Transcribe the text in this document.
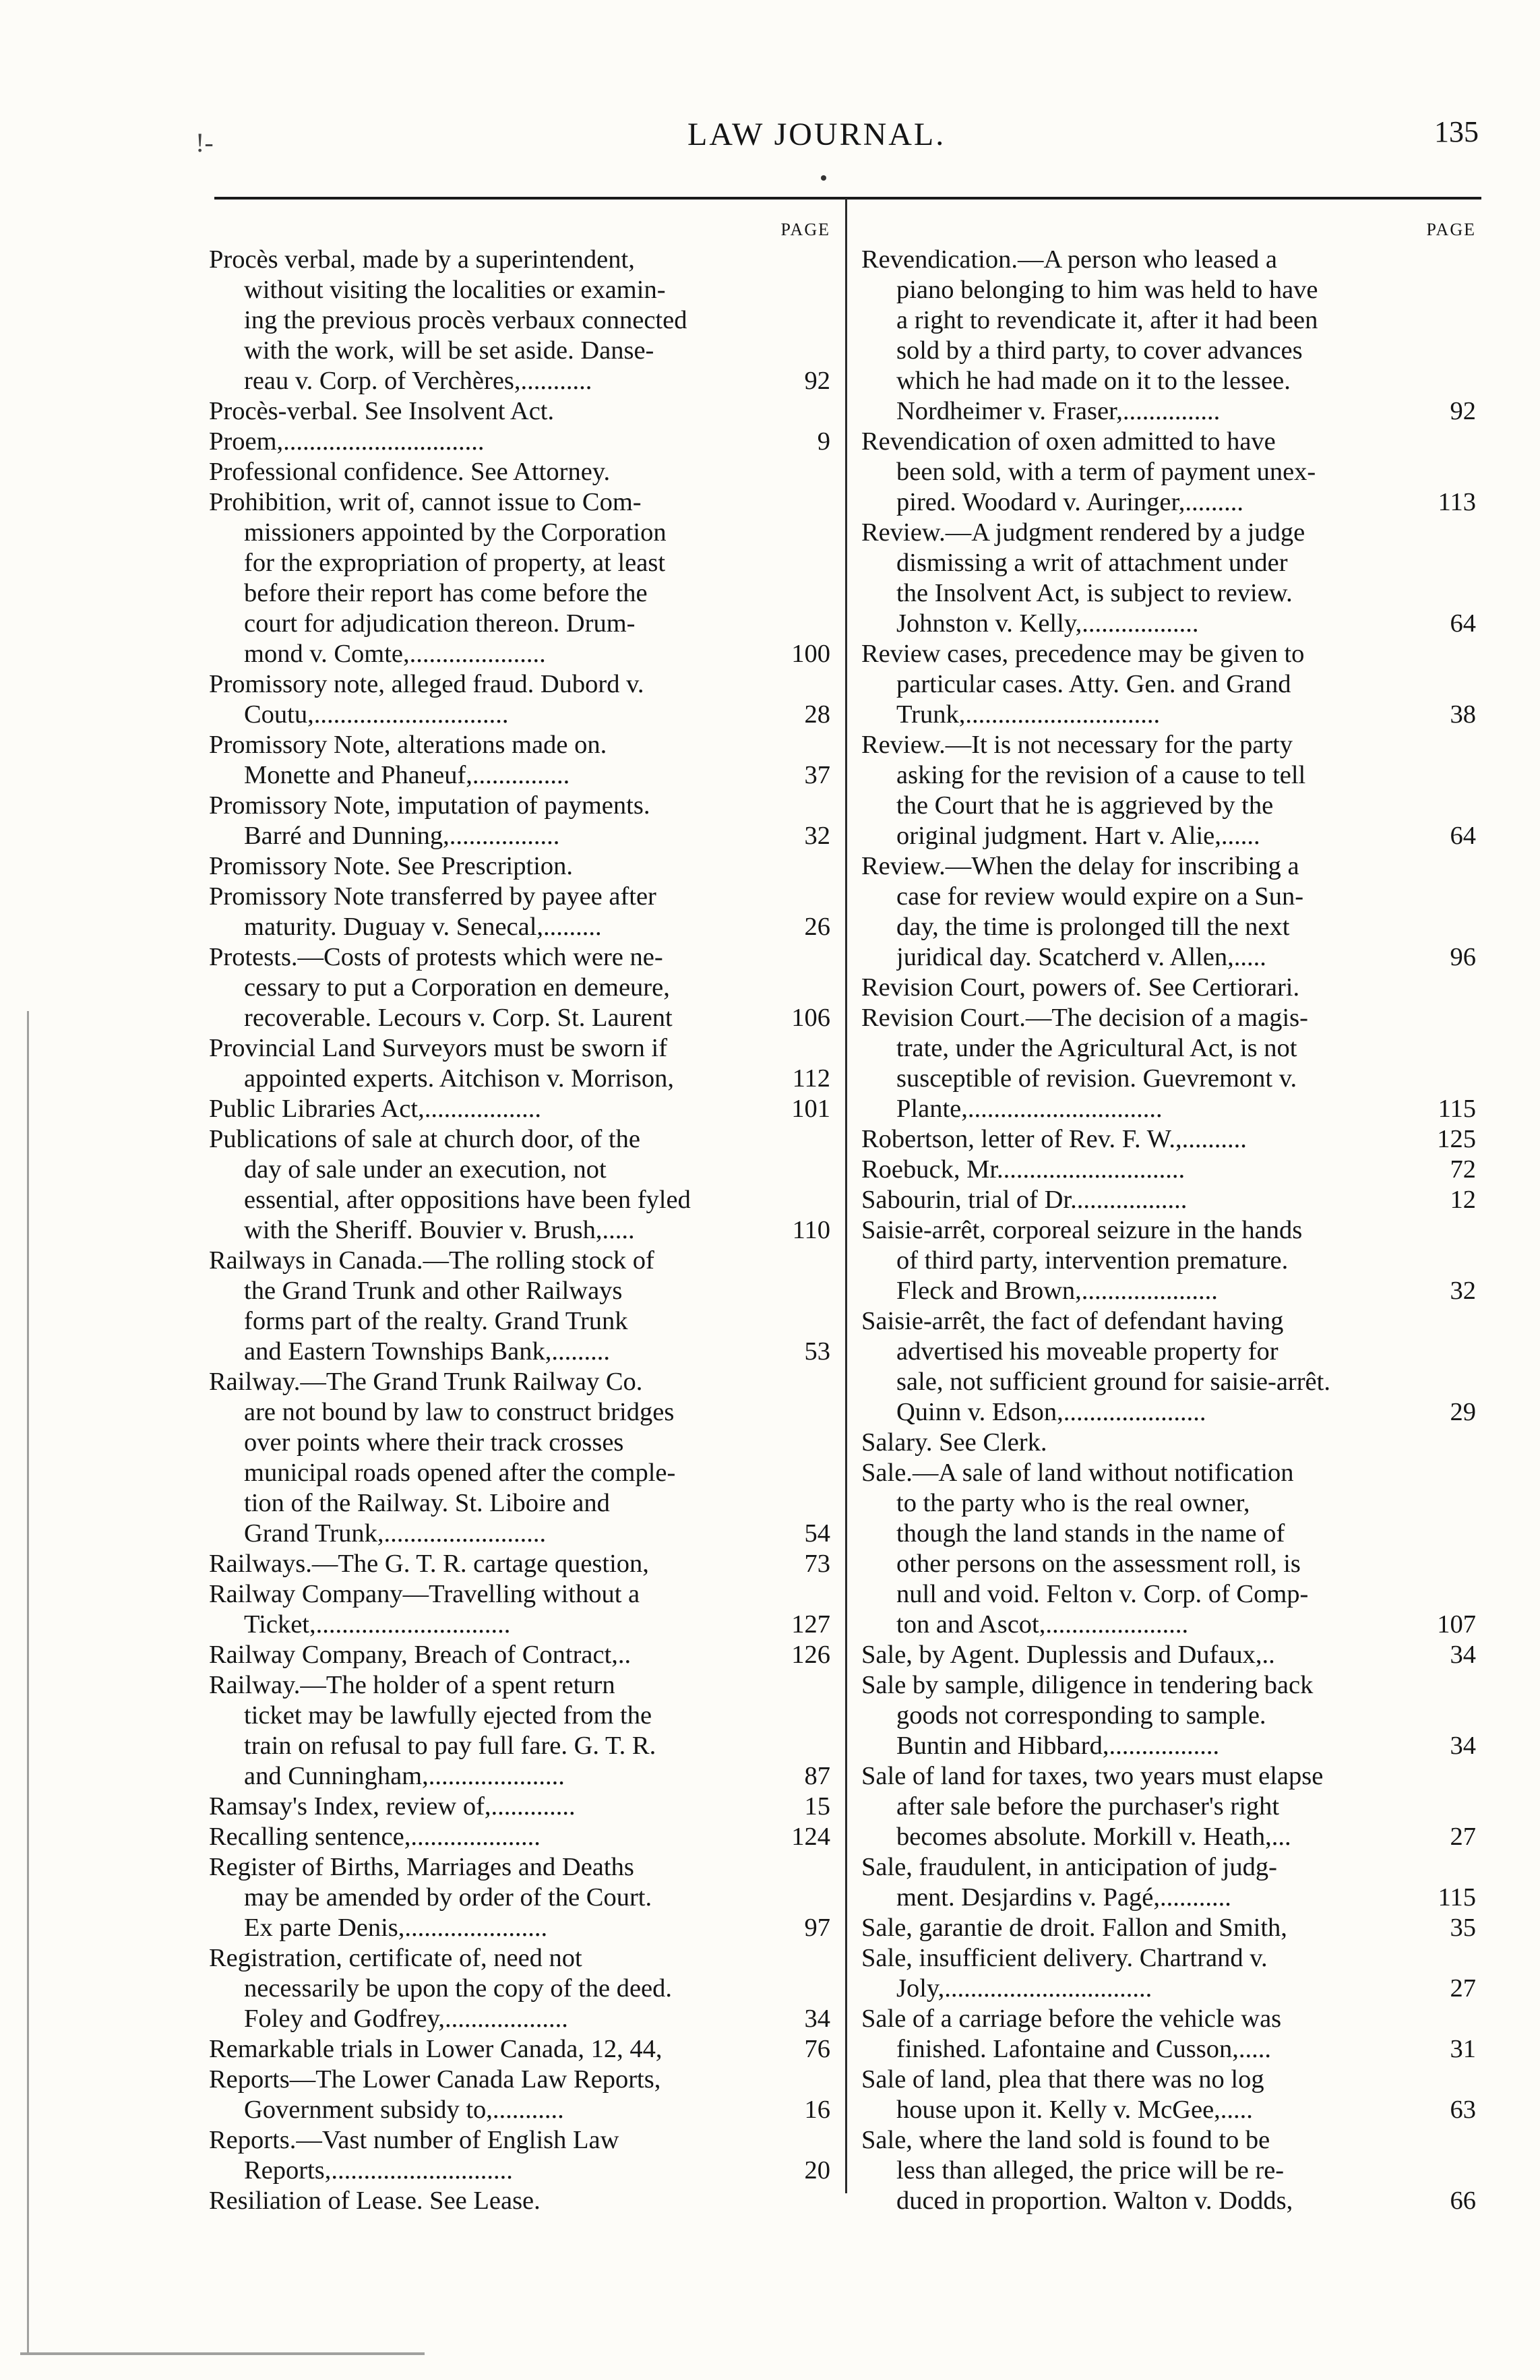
!-	LAW JOURNAL.	135
PAGE
Procès verbal, made by a superintendent,
without visiting the localities or examin-
ing the previous procès verbaux connected
with the work, will be set aside. Danse-
reau v. Corp. of Verchères,...........	92
Procès-verbal. See Insolvent Act.
Proem,...............................	9
Professional confidence. See Attorney.
Prohibition, writ of, cannot issue to Com-
missioners appointed by the Corporation
for the expropriation of property, at least
before their report has come before the
court for adjudication thereon. Drum-
mond v. Comte,.....................	100
Promissory note, alleged fraud. Dubord v.
Coutu,..............................	28
Promissory Note, alterations made on.
Monette and Phaneuf,...............	37
Promissory Note, imputation of payments.
Barré and Dunning,.................	32
Promissory Note. See Prescription.
Promissory Note transferred by payee after
maturity. Duguay v. Senecal,.........	26
Protests.—Costs of protests which were ne-
cessary to put a Corporation en demeure,
recoverable. Lecours v. Corp. St. Laurent	106
Provincial Land Surveyors must be sworn if
appointed experts. Aitchison v. Morrison,	112
Public Libraries Act,..................	101
Publications of sale at church door, of the
day of sale under an execution, not
essential, after oppositions have been fyled
with the Sheriff. Bouvier v. Brush,.....	110
Railways in Canada.—The rolling stock of
the Grand Trunk and other Railways
forms part of the realty. Grand Trunk
and Eastern Townships Bank,.........	53
Railway.—The Grand Trunk Railway Co.
are not bound by law to construct bridges
over points where their track crosses
municipal roads opened after the comple-
tion of the Railway. St. Liboire and
Grand Trunk,.........................	54
Railways.—The G. T. R. cartage question,	73
Railway Company—Travelling without a
Ticket,..............................	127
Railway Company, Breach of Contract,..	126
Railway.—The holder of a spent return
ticket may be lawfully ejected from the
train on refusal to pay full fare. G. T. R.
and Cunningham,.....................	87
Ramsay's Index, review of,.............	15
Recalling sentence,....................	124
Register of Births, Marriages and Deaths
may be amended by order of the Court.
Ex parte Denis,......................	97
Registration, certificate of, need not
necessarily be upon the copy of the deed.
Foley and Godfrey,...................	34
Remarkable trials in Lower Canada, 12, 44,	76
Reports—The Lower Canada Law Reports,
Government subsidy to,...........	16
Reports.—Vast number of English Law
Reports,............................	20
Resiliation of Lease. See Lease.
PAGE
Revendication.—A person who leased a
piano belonging to him was held to have
a right to revendicate it, after it had been
sold by a third party, to cover advances
which he had made on it to the lessee.
Nordheimer v. Fraser,...............	92
Revendication of oxen admitted to have
been sold, with a term of payment unex-
pired. Woodard v. Auringer,.........	113
Review.—A judgment rendered by a judge
dismissing a writ of attachment under
the Insolvent Act, is subject to review.
Johnston v. Kelly,..................	64
Review cases, precedence may be given to
particular cases. Atty. Gen. and Grand
Trunk,..............................	38
Review.—It is not necessary for the party
asking for the revision of a cause to tell
the Court that he is aggrieved by the
original judgment. Hart v. Alie,......	64
Review.—When the delay for inscribing a
case for review would expire on a Sun-
day, the time is prolonged till the next
juridical day. Scatcherd v. Allen,.....	96
Revision Court, powers of. See Certiorari.
Revision Court.—The decision of a magis-
trate, under the Agricultural Act, is not
susceptible of revision. Guevremont v.
Plante,..............................	115
Robertson, letter of Rev. F. W.,..........	125
Roebuck, Mr.............................	72
Sabourin, trial of Dr..................	12
Saisie-arrêt, corporeal seizure in the hands
of third party, intervention premature.
Fleck and Brown,.....................	32
Saisie-arrêt, the fact of defendant having
advertised his moveable property for
sale, not sufficient ground for saisie-arrêt.
Quinn v. Edson,......................	29
Salary. See Clerk.
Sale.—A sale of land without notification
to the party who is the real owner,
though the land stands in the name of
other persons on the assessment roll, is
null and void. Felton v. Corp. of Comp-
ton and Ascot,......................	107
Sale, by Agent. Duplessis and Dufaux,..	34
Sale by sample, diligence in tendering back
goods not corresponding to sample.
Buntin and Hibbard,.................	34
Sale of land for taxes, two years must elapse
after sale before the purchaser's right
becomes absolute. Morkill v. Heath,...	27
Sale, fraudulent, in anticipation of judg-
ment. Desjardins v. Pagé,...........	115
Sale, garantie de droit. Fallon and Smith,	35
Sale, insufficient delivery. Chartrand v.
Joly,................................	27
Sale of a carriage before the vehicle was
finished. Lafontaine and Cusson,.....	31
Sale of land, plea that there was no log
house upon it. Kelly v. McGee,.....	63
Sale, where the land sold is found to be
less than alleged, the price will be re-
duced in proportion. Walton v. Dodds,	66
